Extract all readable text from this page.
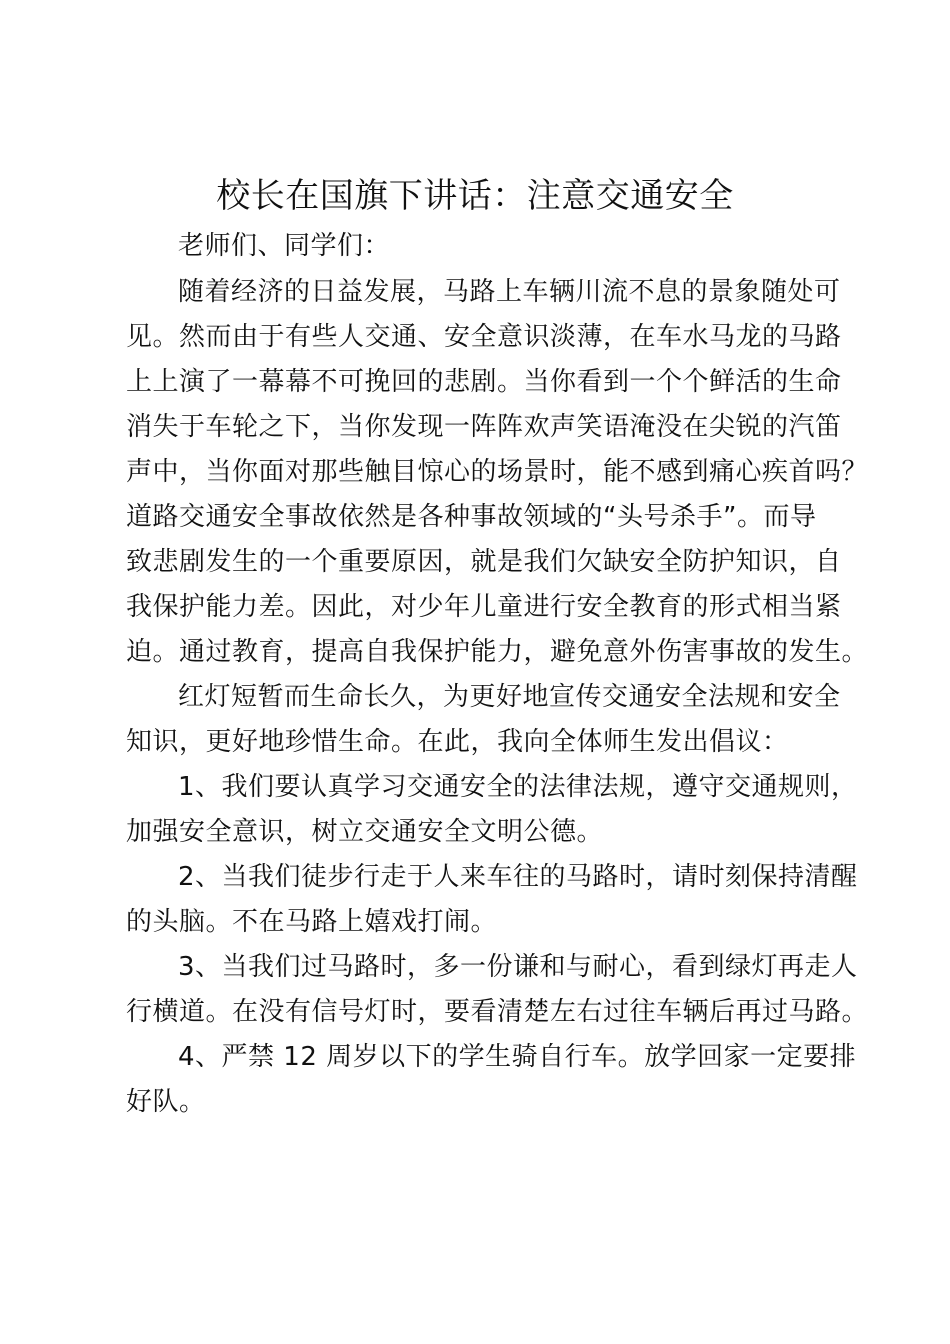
校长在国旗下讲话：注意交通安全
老师们、同学们：
随着经济的日益发展，马路上车辆川流不息的景象随处可
见。然而由于有些人交通、安全意识淡薄，在车水马龙的马路
上上演了一幕幕不可挽回的悲剧。当你看到一个个鲜活的生命
消失于车轮之下，当你发现一阵阵欢声笑语淹没在尖锐的汽笛
声中，当你面对那些触目惊心的场景时，能不感到痛心疾首吗？
道路交通安全事故依然是各种事故领域的“头号杀手”。而导
致悲剧发生的一个重要原因，就是我们欠缺安全防护知识，自
我保护能力差。因此，对少年儿童进行安全教育的形式相当紧
迫。通过教育，提高自我保护能力，避免意外伤害事故的发生。
红灯短暂而生命长久，为更好地宣传交通安全法规和安全
知识，更好地珍惜生命。在此，我向全体师生发出倡议：
1、我们要认真学习交通安全的法律法规，遵守交通规则，
加强安全意识，树立交通安全文明公德。
2、当我们徒步行走于人来车往的马路时，请时刻保持清醒
的头脑。不在马路上嬉戏打闹。
3、当我们过马路时，多一份谦和与耐心，看到绿灯再走人
行横道。在没有信号灯时，要看清楚左右过往车辆后再过马路。
4、严禁 12 周岁以下的学生骑自行车。放学回家一定要排
好队。
